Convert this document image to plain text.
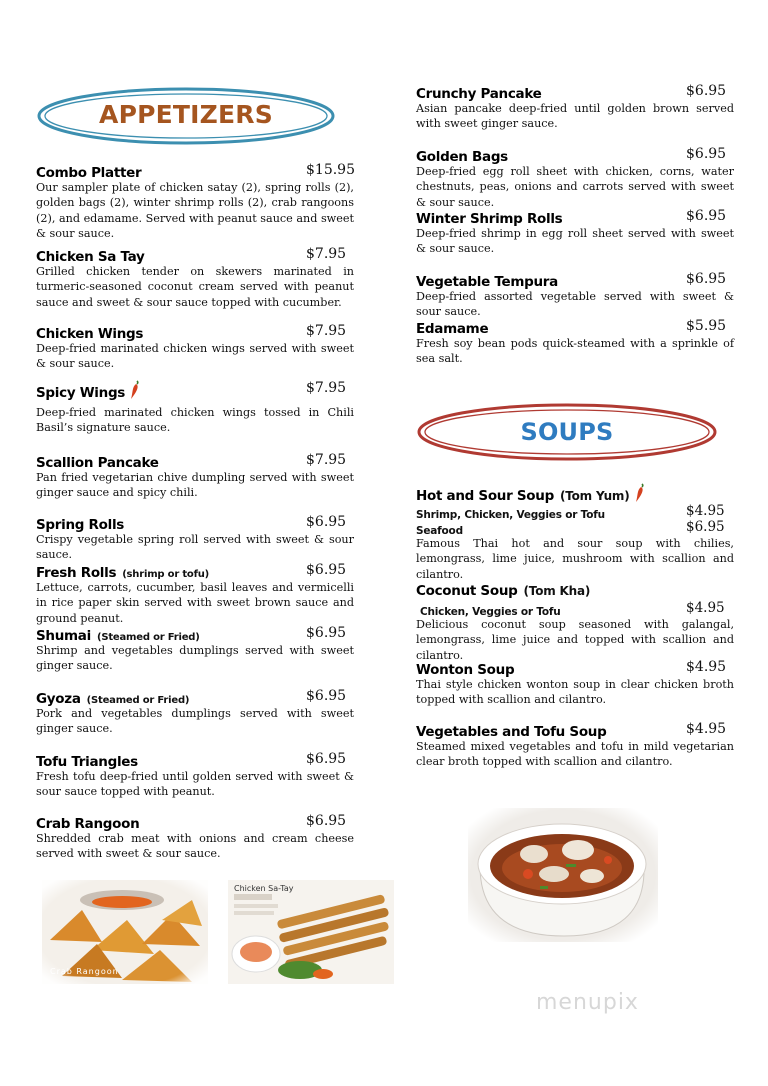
APPETIZERS
Combo Platter	$15.95
Our sampler plate of chicken satay (2), spring rolls (2), golden bags (2), winter shrimp rolls (2), crab rangoons (2), and edamame. Served with peanut sauce and sweet & sour sauce.
Chicken Sa Tay	$7.95
Grilled chicken tender on skewers marinated in turmeric-seasoned coconut cream served with peanut sauce and sweet & sour sauce topped with cucumber.
Chicken Wings	$7.95
Deep-fried marinated chicken wings served with sweet & sour sauce.
Spicy Wings	$7.95
Deep-fried marinated chicken wings tossed in Chili Basil’s signature sauce.
Scallion Pancake	$7.95
Pan fried vegetarian chive dumpling served with sweet ginger sauce and spicy chili.
Spring Rolls	$6.95
Crispy vegetable spring roll served with sweet & sour sauce.
Fresh Rolls (shrimp or tofu)	$6.95
Lettuce, carrots, cucumber, basil leaves and vermicelli in rice paper skin served with sweet brown sauce and ground peanut.
Shumai (Steamed or Fried)	$6.95
Shrimp and vegetables dumplings served with sweet ginger sauce.
Gyoza (Steamed or Fried)	$6.95
Pork and vegetables dumplings served with sweet ginger sauce.
Tofu Triangles	$6.95
Fresh tofu deep-fried until golden served with sweet & sour sauce topped with peanut.
Crab Rangoon	$6.95
Shredded crab meat with onions and cream cheese served with sweet & sour sauce.
Crunchy Pancake	$6.95
Asian pancake deep-fried until golden brown served with sweet ginger sauce.
Golden Bags	$6.95
Deep-fried egg roll sheet with chicken, corns, water chestnuts, peas, onions and carrots served with sweet & sour sauce.
Winter Shrimp Rolls	$6.95
Deep-fried shrimp in egg roll sheet served with sweet & sour sauce.
Vegetable Tempura	$6.95
Deep-fried assorted vegetable served with sweet & sour sauce.
Edamame	$5.95
Fresh soy bean pods quick-steamed with a sprinkle of sea salt.
SOUPS
Hot and Sour Soup (Tom Yum)
Shrimp, Chicken, Veggies or Tofu	$4.95
Seafood	$6.95
Famous Thai hot and sour soup with chilies, lemongrass, lime juice, mushroom with scallion and cilantro.
Coconut Soup (Tom Kha)
Chicken, Veggies or Tofu	$4.95
Delicious coconut soup seasoned with galangal, lemongrass, lime juice and topped with scallion and cilantro.
Wonton Soup	$4.95
Thai style chicken wonton soup in clear chicken broth topped with scallion and cilantro.
Vegetables and Tofu Soup	$4.95
Steamed mixed vegetables and tofu in mild vegetarian clear broth topped with scallion and cilantro.
Crab Rangoon
Chicken Sa-Tay
menupix
